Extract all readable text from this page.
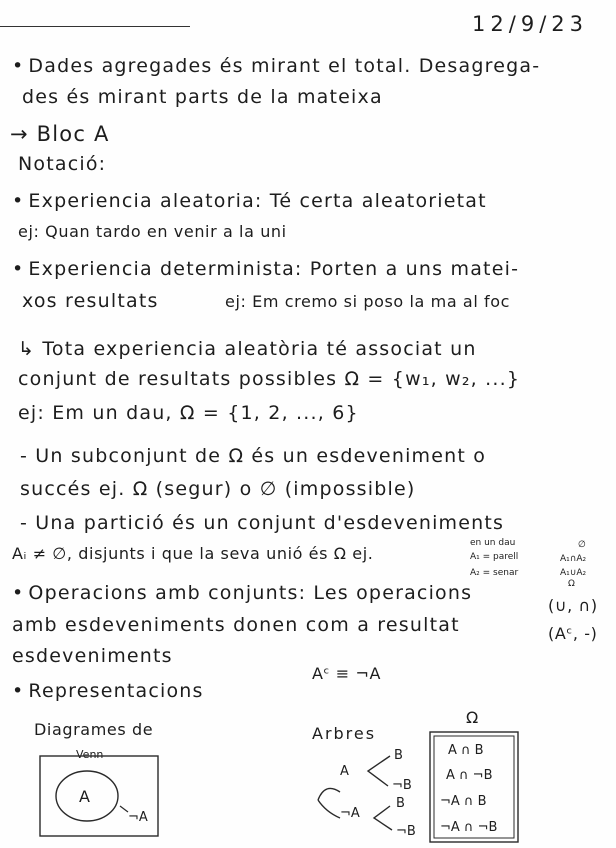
12/9/23
• Dades agregades és mirant el total. Desagrega-
des és mirant parts de la mateixa
→ Bloc A
Notació:
• Experiencia aleatoria: Té certa aleatorietat
ej: Quan tardo en venir a la uni
• Experiencia determinista: Porten a uns matei-
xos resultats	ej: Em cremo si poso la ma al foc
↳ Tota experiencia aleatòria té associat un
conjunt de resultats possibles Ω = {w₁, w₂, ...}
ej: Em un dau, Ω = {1, 2, ..., 6}
- Un subconjunt de Ω és un esdeveniment o
succés ej. Ω (segur) o ∅ (impossible)
- Una partició és un conjunt d'esdeveniments
Aᵢ ≠ ∅, disjunts i que la seva unió és Ω ej.
en un dau
A₁ = parell
A₂ = senar
∅
A₁∩A₂
A₁∪A₂
Ω
• Operacions amb conjunts: Les operacions
amb esdeveniments donen com a resultat
esdeveniments
(∪, ∩)
(Aᶜ, -)
Aᶜ ≡ ¬A
• Representacions
Diagrames de
Venn
A
¬A
Arbres
Ω
A
¬A
B
¬B
B
¬B
A ∩ B
A ∩ ¬B
¬A ∩ B
¬A ∩ ¬B
